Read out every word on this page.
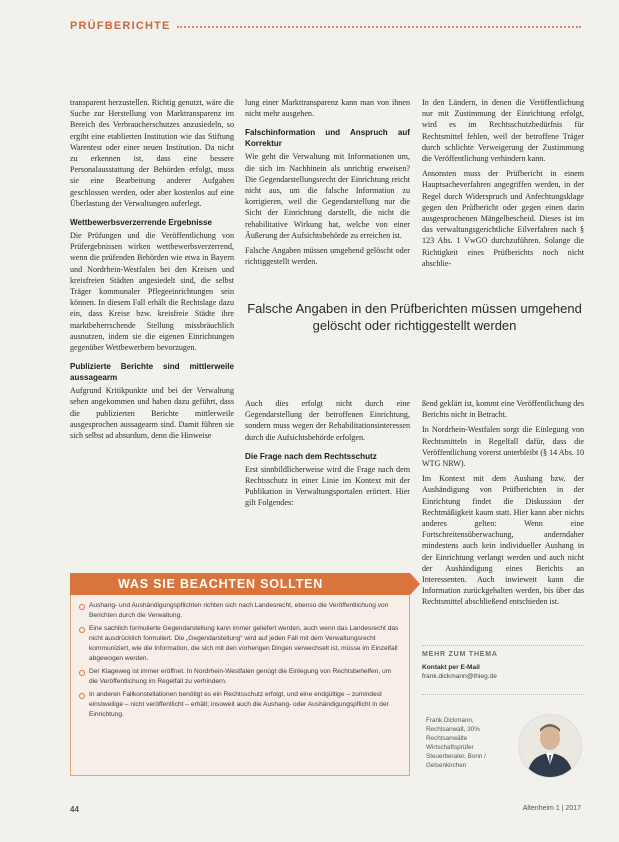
PRÜFBERICHTE

transparent herzustellen. Richtig genutzt, wäre die Suche zur Herstellung von Marktransparenz im Bereich des Verbraucherschutzes anzusiedeln, so ergibt eine etablierten Institution wie das Stiftung Warentest oder einer neuen Institution. Da nicht zu erkennen ist, dass eine bessere Personalausstattung der Behörden erfolgt, muss sie eine Bearbeitung anderer Aufgaben geschlossen werden, oder aber kostenlos auf eine Überlastung der Verwaltungen auferlegt.

Wettbewerbsverzerrende Ergebnisse

Die Prüfungen und die Veröffentlichung von Prüfergebnissen wirken wettbewerbsverzerrend, wenn die prüfenden Behörden wie etwa in Bayern und Nordrhein-Westfalen bei den Kreisen und kreisfreien Städten angesiedelt sind, die selbst Träger kommunaler Pflegeeinrichtungen sein können. In diesem Fall erhält die Rechtslage dazu ein, dass Kreise bzw. kreisfreie Städte ihre marktbeherrschende Stellung missbräuchlich ausnutzen, indem sie die eigenen Einrichtungen gegenüber Wettbewerbern bevorzugen.

Publizierte Berichte sind mittlerweile aussagearm

Aufgrund Kritikpunkte und bei der Verwaltung sehen angekommen und haben dazu geführt, dass die publizierten Berichte mittlerweile ausgesprochen aussagearm sind. Damit führen sie sich selbst ad absurdum, denn die Hinweise

lung einer Markttransparenz kann man von ihnen nicht mehr ausgehen.

Falschinformation und Anspruch auf Korrektur

Wie geht die Verwaltung mit Informationen um, die sich im Nachhinein als unrichtig erweisen? Die Gegendarstellungsrecht der Einrichtung reicht nicht aus, um die falsche Information zu korrigieren, weil die Gegendarstellung nur die Sicht der Einrichtung darstellt, die nicht die rehabilitative Wirkung hat, welche von einer Äußerung der Aufsichtsbehörde zu erreichen ist.

Falsche Angaben müssen umgehend gelöscht oder richtiggestellt werden.

In den Ländern, in denen die Veröffentlichung nur mit Zustimmung der Einrichtung erfolgt, wird es im Rechtsschutzbedürfnis für Rechtsmittel fehlen, weil der betroffene Träger durch schlichte Verweigerung der Zustimmung die Veröffentlichung verhindern kann.

Ansonsten muss der Prüfbericht in einem Hauptsacheverfahren angegriffen werden, in der Regel durch Widerspruch und Anfechtungsklage gegen den Prüfbericht oder gegen einen darin ausgesprochenen Mängelbescheid. Dieses ist im das verwaltungsgerichtliche Eilverfahren nach § 123 Abs. 1 VwGO durchzuführen. Solange die Richtigkeit eines Prüfberichts noch nicht abschlie-

Falsche Angaben in den Prüfberichten müssen umgehend gelöscht oder richtiggestellt werden

Auch dies erfolgt nicht durch eine Gegendarstellung der betroffenen Einrichtung, sondern muss wegen der Rehabilitationsinteressen durch die Aufsichtsbehörde erfolgen.

Die Frage nach dem Rechtsschutz

Erst sinnbildlicherweise wird die Frage nach dem Rechtsschutz in einer Linie im Kontext mit der Publikation in Verwaltungsportalen erörtert. Hier gilt Folgendes:

ßend geklärt ist, kommt eine Veröffentlichung des Berichts nicht in Betracht.

In Nordrhein-Westfalen sorgt die Einlegung von Rechtsmitteln in Regelfall dafür, dass die Veröffentlichung vorerst unterbleibt (§ 14 Abs. 10 WTG NRW).

Im Kontext mit dem Aushang bzw. der Aushändigung von Prüfberichten in der Einrichtung findet die Diskussion der Rechtmäßigkeit kaum statt. Hier kann aber nichts anderes gelten: Wenn eine Fortschreitensüberwachung, anderndaher mindestens auch kein individueller Aushang in der Einrichtung verlangt werden und auch nicht der Aushändigung eines Berichts an Interessenten. Auch inwieweit kann die Information zurückgehalten werden, bis über das Rechtsmittel abschließend entschieden ist.

WAS SIE BEACHTEN SOLLTEN
Aushang- und Aushändigungspflichten richten sich nach Landesrecht, ebenso die Veröffentlichung von Berichten durch die Verwaltung.
Eine sachlich formulierte Gegendarstellung kann immer geliefert werden, auch wenn das Landesrecht das nicht ausdrücklich formuliert. Die „Gegendarstellung“ wird auf jeden Fall mit dem Verwaltungsrecht kommuniziert, wie die Information, die sich mit den vorherigen Dingen verwechselt ist, müsse im Einzelfall abgewogen werden.
Der Klageweg ist immer eröffnet. In Nordrhein-Westfalen genügt die Einlegung von Rechtsbehelfen, um die Veröffentlichung im Regelfall zu verhindern.
In anderen Fallkonstellationen benötigt es ein Rechtsschutz erfolgt, und eine endgültige – zumindest einstweilige – nicht veröffentlicht – erhält; insoweit auch die Aushang- oder Aushändigungspflicht in der Einrichtung.
MEHR ZUM THEMA
Kontakt per E-Mail
frank.dickmann@thieg.de
Frank Dickmann, Rechtsanwalt, 30% Rechtsanwälte Wirtschaftsprüfer Steuerberater, Bonn / Gelsenkirchen
44	Altenheim 1 | 2017
